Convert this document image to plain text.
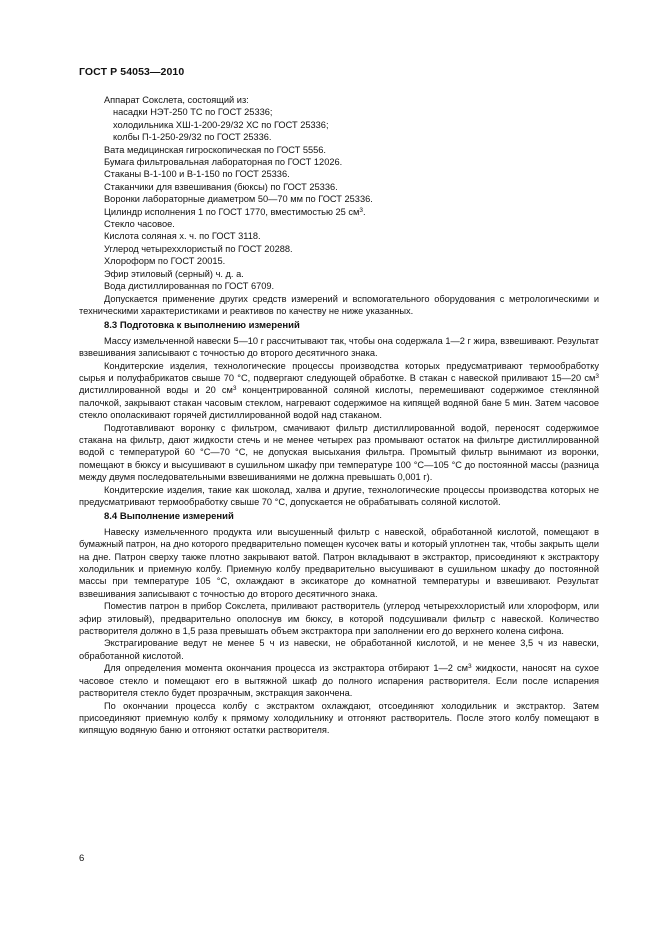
ГОСТ Р 54053—2010
Аппарат Сокслета, состоящий из:
насадки НЭТ-250 ТС по ГОСТ 25336;
холодильника ХШ-1-200-29/32 ХС по ГОСТ 25336;
колбы П-1-250-29/32 по ГОСТ 25336.
Вата медицинская гигроскопическая по ГОСТ 5556.
Бумага фильтровальная лабораторная по ГОСТ 12026.
Стаканы В-1-100 и В-1-150 по ГОСТ 25336.
Стаканчики для взвешивания (бюксы) по ГОСТ 25336.
Воронки лабораторные диаметром 50—70 мм по ГОСТ 25336.
Цилиндр исполнения 1 по ГОСТ 1770, вместимостью 25 $см^3$.
Стекло часовое.
Кислота соляная х. ч. по ГОСТ 3118.
Углерод четыреххлористый по ГОСТ 20288.
Хлороформ по ГОСТ 20015.
Эфир этиловый (серный) ч. д. а.
Вода дистиллированная по ГОСТ 6709.

Допускается применение других средств измерений и вспомогательного оборудования с метрологическими и техническими характеристиками и реактивов по качеству не ниже указанных.

8.3 Подготовка к выполнению измерений

Массу измельченной навески 5—10 г рассчитывают так, чтобы она содержала 1—2 г жира, взвешивают. Результат взвешивания записывают с точностью до второго десятичного знака.

Кондитерские изделия, технологические процессы производства которых предусматривают термообработку сырья и полуфабрикатов свыше 70 °С, подвергают следующей обработке. В стакан с навеской приливают 15—20 $см^3$ дистиллированной воды и 20 $см^3$ концентрированной соляной кислоты, перемешивают содержимое стеклянной палочкой, закрывают стакан часовым стеклом, нагревают содержимое на кипящей водяной бане 5 мин. Затем часовое стекло ополаскивают горячей дистиллированной водой над стаканом.

Подготавливают воронку с фильтром, смачивают фильтр дистиллированной водой, переносят содержимое стакана на фильтр, дают жидкости стечь и не менее четырех раз промывают остаток на фильтре дистиллированной водой с температурой 60 °С—70 °С, не допуская высыхания фильтра. Промытый фильтр вынимают из воронки, помещают в бюксу и высушивают в сушильном шкафу при температуре 100 °С—105 °С до постоянной массы (разница между двумя последовательными взвешиваниями не должна превышать 0,001 г).

Кондитерские изделия, такие как шоколад, халва и другие, технологические процессы производства которых не предусматривают термообработку свыше 70 °С, допускается не обрабатывать соляной кислотой.

8.4 Выполнение измерений

Навеску измельченного продукта или высушенный фильтр с навеской, обработанной кислотой, помещают в бумажный патрон, на дно которого предварительно помещен кусочек ваты и который уплотнен так, чтобы закрыть щели на дне. Патрон сверху также плотно закрывают ватой. Патрон вкладывают в экстрактор, присоединяют к экстрактору холодильник и приемную колбу. Приемную колбу предварительно высушивают в сушильном шкафу до постоянной массы при температуре 105 °С, охлаждают в эксикаторе до комнатной температуры и взвешивают. Результат взвешивания записывают с точностью до второго десятичного знака.

Поместив патрон в прибор Сокслета, приливают растворитель (углерод четыреххлористый или хлороформ, или эфир этиловый), предварительно ополоснув им бюксу, в которой подсушивали фильтр с навеской. Количество растворителя должно в 1,5 раза превышать объем экстрактора при заполнении его до верхнего колена сифона.

Экстрагирование ведут не менее 5 ч из навески, не обработанной кислотой, и не менее 3,5 ч из навески, обработанной кислотой.

Для определения момента окончания процесса из экстрактора отбирают 1—2 $см^3$ жидкости, наносят на сухое часовое стекло и помещают его в вытяжной шкаф до полного испарения растворителя. Если после испарения растворителя стекло будет прозрачным, экстракция закончена.

По окончании процесса колбу с экстрактом охлаждают, отсоединяют холодильник и экстрактор. Затем присоединяют приемную колбу к прямому холодильнику и отгоняют растворитель. После этого колбу помещают в кипящую водяную баню и отгоняют остатки растворителя.

6
